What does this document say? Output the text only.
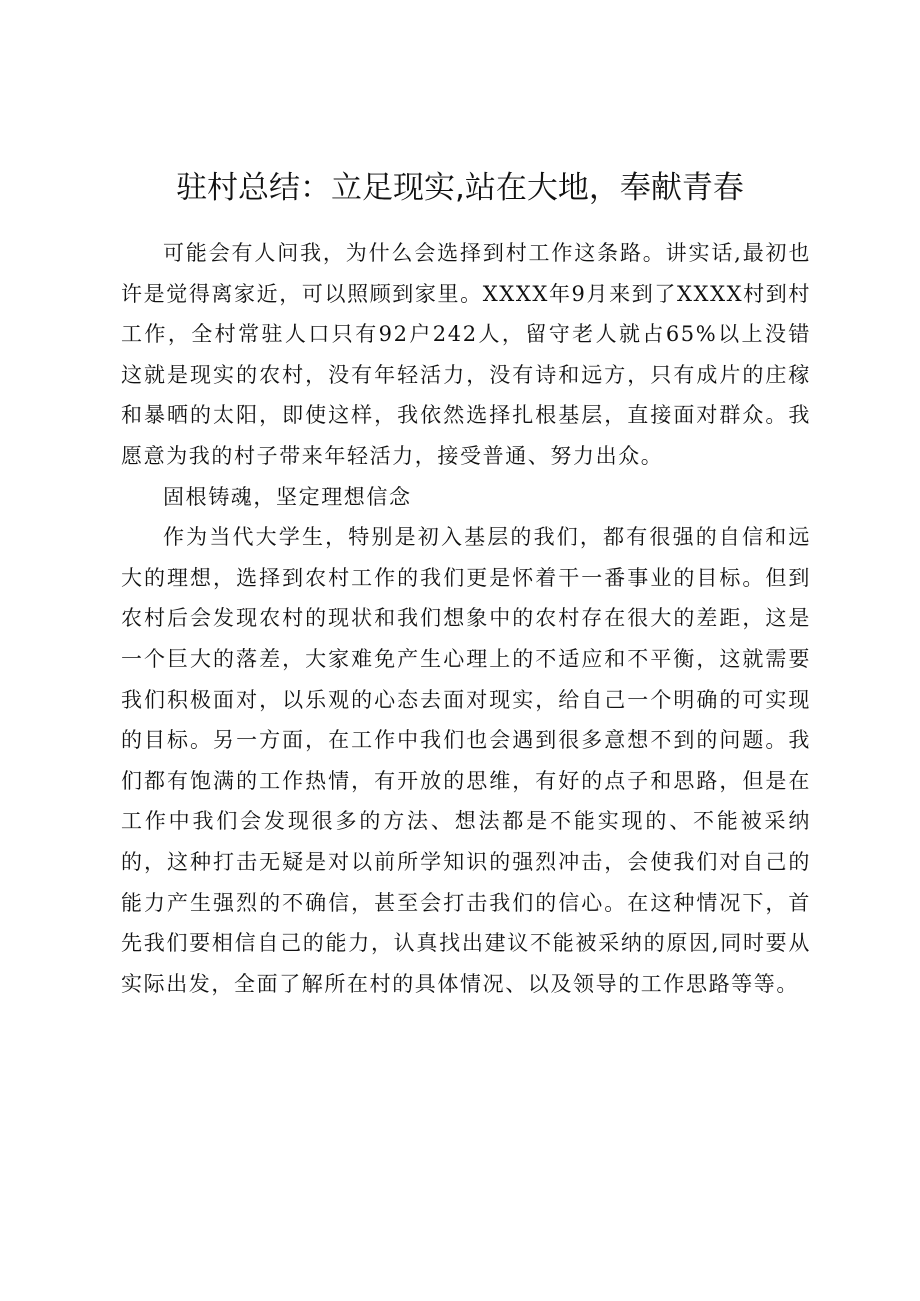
驻村总结：立足现实,站在大地，奉献青春

可能会有人问我，为什么会选择到村工作这条路。讲实话,最初也许是觉得离家近，可以照顾到家里。XXXX年9月来到了XXXX村到村工作，全村常驻人口只有92户242人，留守老人就占65%以上没错这就是现实的农村，没有年轻活力，没有诗和远方，只有成片的庄稼和暴晒的太阳，即使这样，我依然选择扎根基层，直接面对群众。我愿意为我的村子带来年轻活力，接受普通、努力出众。

固根铸魂，坚定理想信念

作为当代大学生，特别是初入基层的我们，都有很强的自信和远大的理想，选择到农村工作的我们更是怀着干一番事业的目标。但到农村后会发现农村的现状和我们想象中的农村存在很大的差距，这是一个巨大的落差，大家难免产生心理上的不适应和不平衡，这就需要我们积极面对，以乐观的心态去面对现实，给自己一个明确的可实现的目标。另一方面，在工作中我们也会遇到很多意想不到的问题。我们都有饱满的工作热情，有开放的思维，有好的点子和思路，但是在工作中我们会发现很多的方法、想法都是不能实现的、不能被采纳的，这种打击无疑是对以前所学知识的强烈冲击，会使我们对自己的能力产生强烈的不确信，甚至会打击我们的信心。在这种情况下，首先我们要相信自己的能力，认真找出建议不能被采纳的原因,同时要从实际出发，全面了解所在村的具体情况、以及领导的工作思路等等。
